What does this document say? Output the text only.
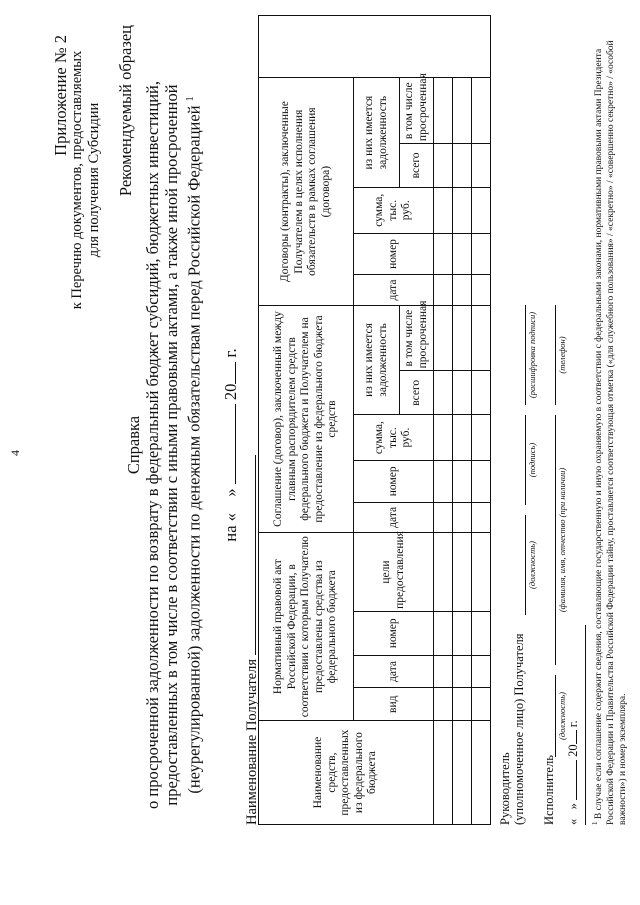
4
Приложение № 2 к Перечню документов, предоставляемых для получения Субсидии Рекомендуемый образец
Справка о просроченной задолженности по возврату в федеральный бюджет субсидий, бюджетных инвестиций, предоставленных в том числе в соответствии с иными правовыми актами, а также иной просроченной (неурегулированной) задолженности по денежным обязательствам перед Российской Федерацией $^1$
на «    »  20 г.
Наименование Получателя	Наименование средств, предоставленных из федерального бюджета	Нормативный правовой акт Российской Федерации, в соответствии с которым Получателю предоставлены средства из федерального бюджета				Соглашение (договор), заключенный между главным распорядителем средств федерального бюджета и Получателем на предоставление из федерального бюджета средств					Договоры (контракты), заключенные Получателем в целях исполнения обязательств в рамках соглашения (договора)					
	вид	дата	номер	цели предоставления	дата	номер	сумма, тыс. руб.	из них имеется задолженность		дата	номер	сумма, тыс. руб.	из них имеется задолженность		
								всего	в том числе просроченная				всего	в том числе просроченная	

Руководитель (уполномоченное лицо) Получателя
(должность)
(подпись)
(расшифровка подписи)
Исполнитель
(должность)
(фамилия, имя, отчество (при наличии)
(телефон)
«   »  20 г.
$^1$ В случае если соглашение содержит сведения, составляющие государственную и иную охраняемую в соответствии с федеральными законами, нормативными правовыми актами Президента Российской Федерации и Правительства Российской Федерации тайну, проставляется соответствующая отметка («для служебного пользования» / «секретно» / «совершенно секретно» / «особой важности») и номер экземпляра.
